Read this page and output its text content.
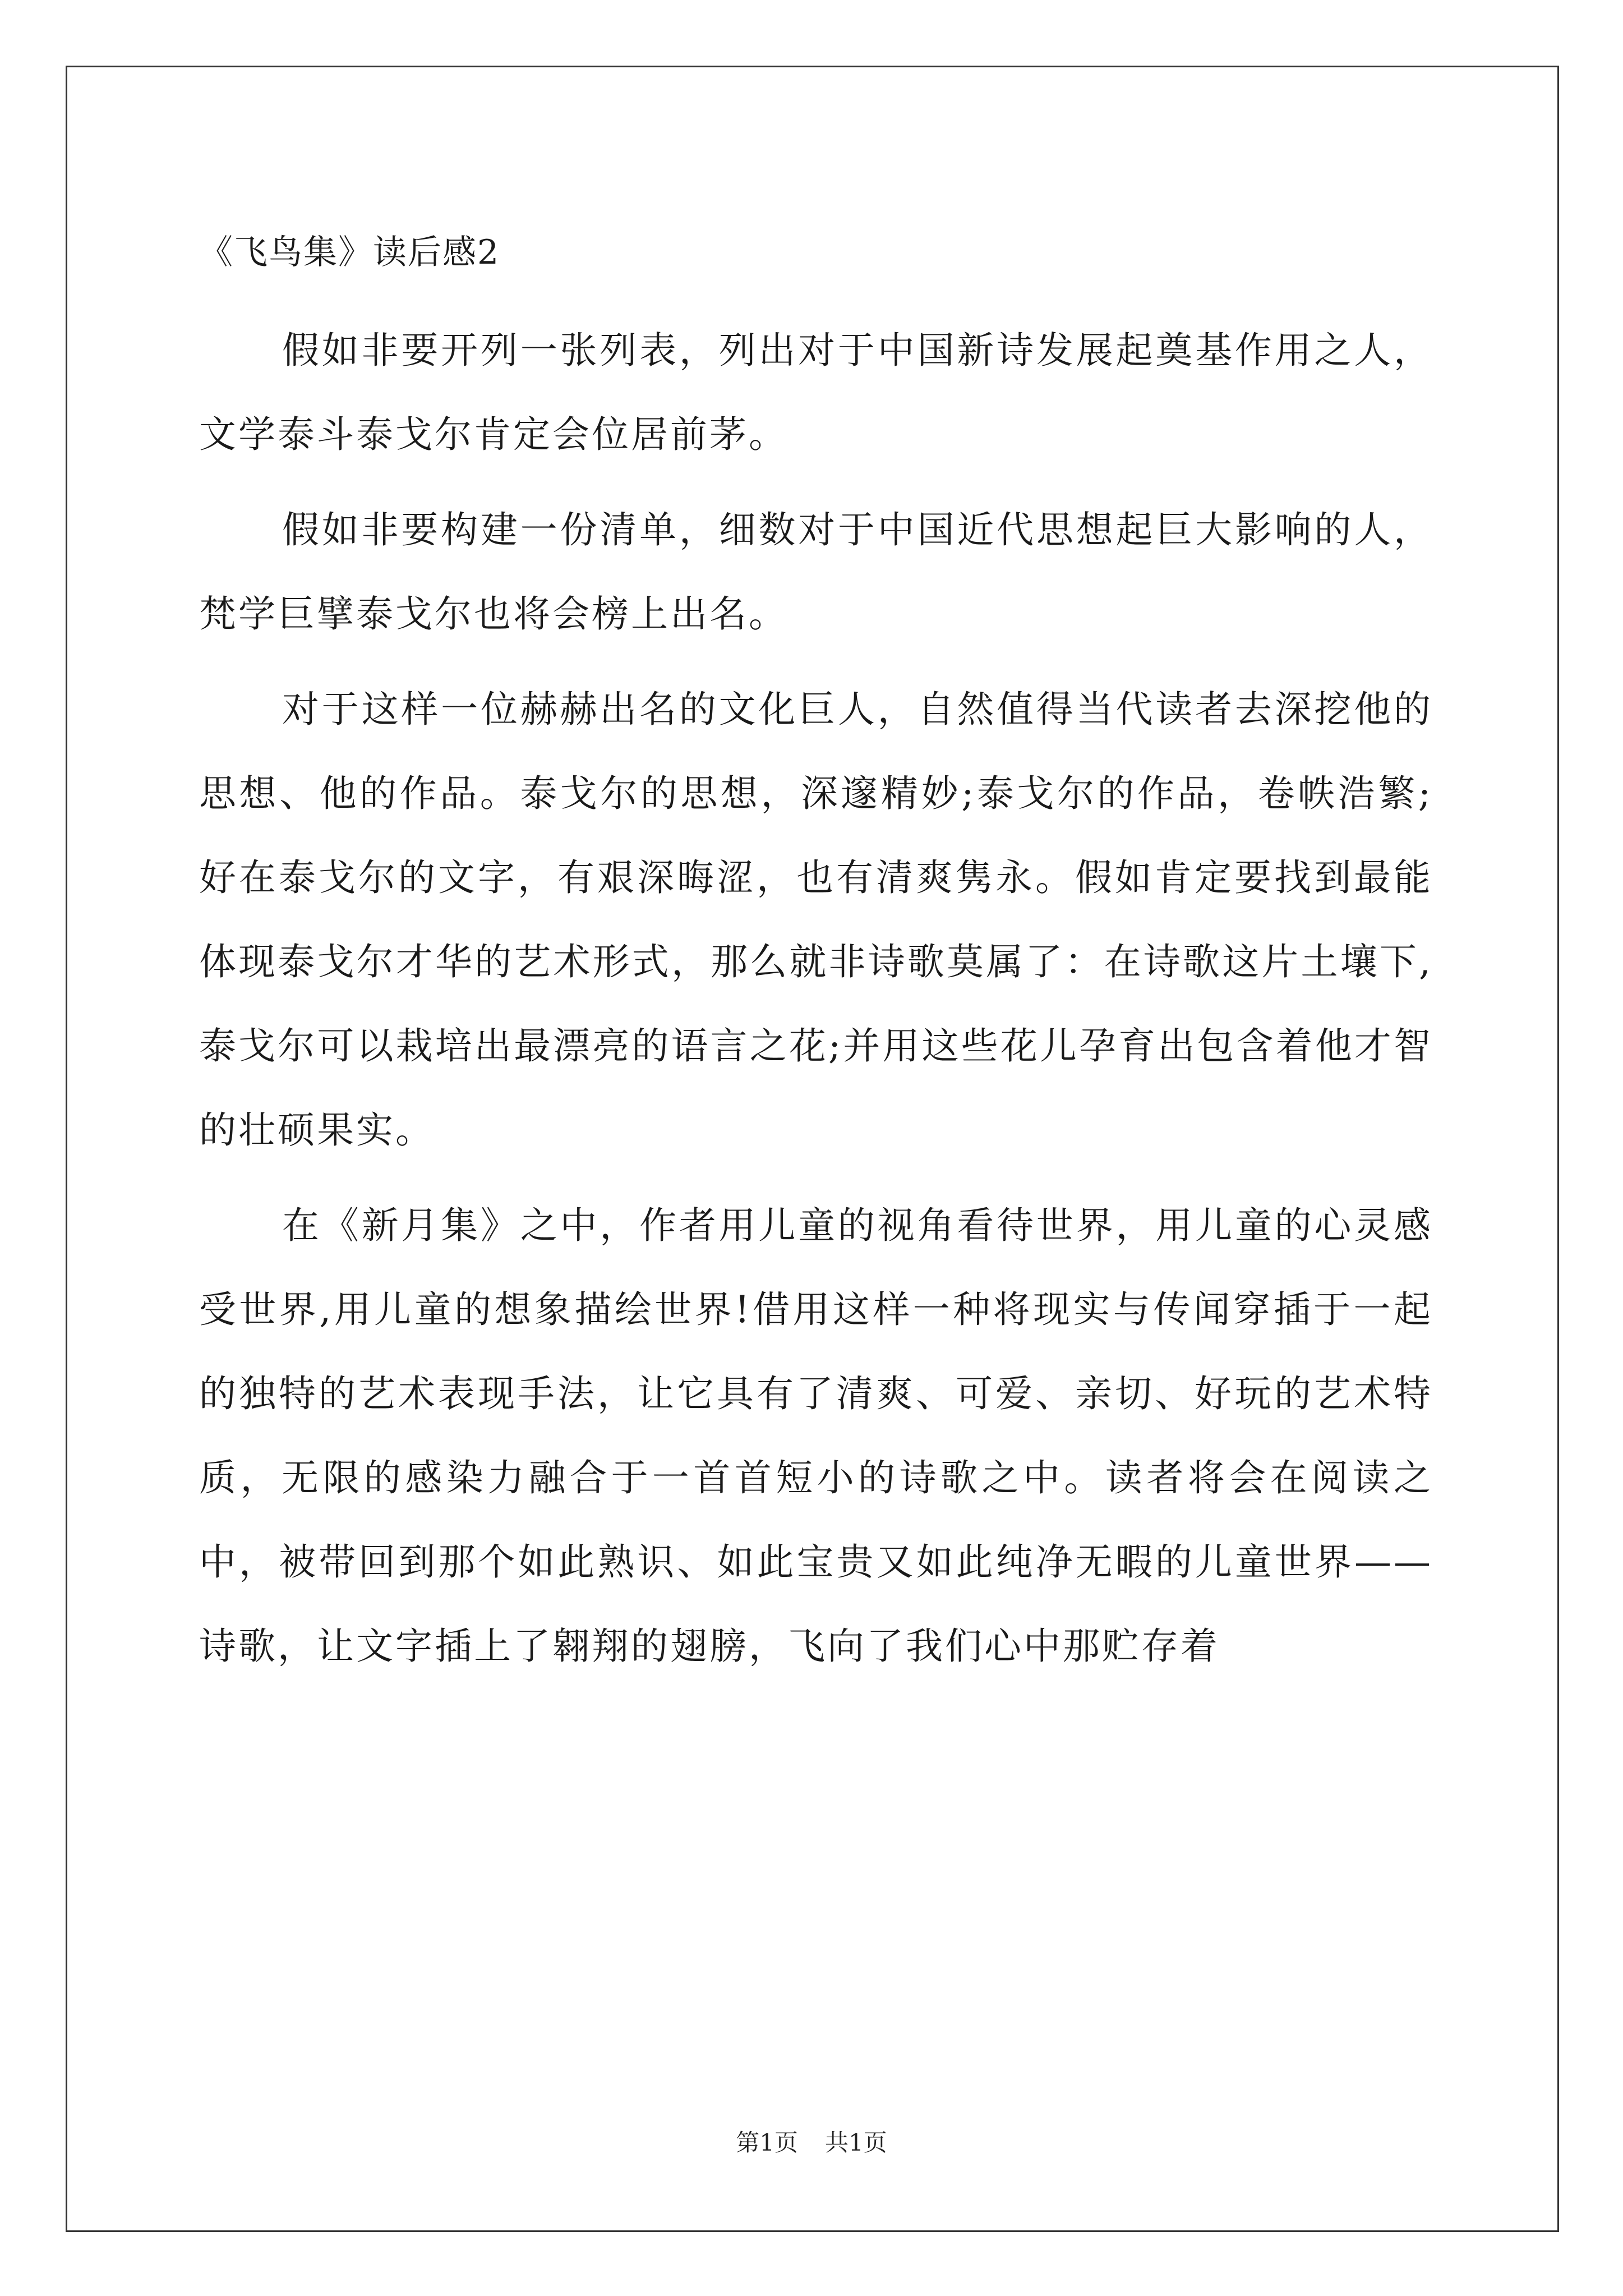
《飞鸟集》读后感2

假如非要开列一张列表，列出对于中国新诗发展起奠基作用之人，文学泰斗泰戈尔肯定会位居前茅。

假如非要构建一份清单，细数对于中国近代思想起巨大影响的人，梵学巨擘泰戈尔也将会榜上出名。

对于这样一位赫赫出名的文化巨人，自然值得当代读者去深挖他的思想、他的作品。泰戈尔的思想，深邃精妙;泰戈尔的作品，卷帙浩繁;好在泰戈尔的文字，有艰深晦涩，也有清爽隽永。假如肯定要找到最能体现泰戈尔才华的艺术形式，那么就非诗歌莫属了：在诗歌这片土壤下,泰戈尔可以栽培出最漂亮的语言之花;并用这些花儿孕育出包含着他才智的壮硕果实。

在《新月集》之中，作者用儿童的视角看待世界，用儿童的心灵感受世界,用儿童的想象描绘世界!借用这样一种将现实与传闻穿插于一起的独特的艺术表现手法，让它具有了清爽、可爱、亲切、好玩的艺术特质，无限的感染力融合于一首首短小的诗歌之中。读者将会在阅读之中，被带回到那个如此熟识、如此宝贵又如此纯净无暇的儿童世界——诗歌，让文字插上了翱翔的翅膀，飞向了我们心中那贮存着

第1页 共1页
